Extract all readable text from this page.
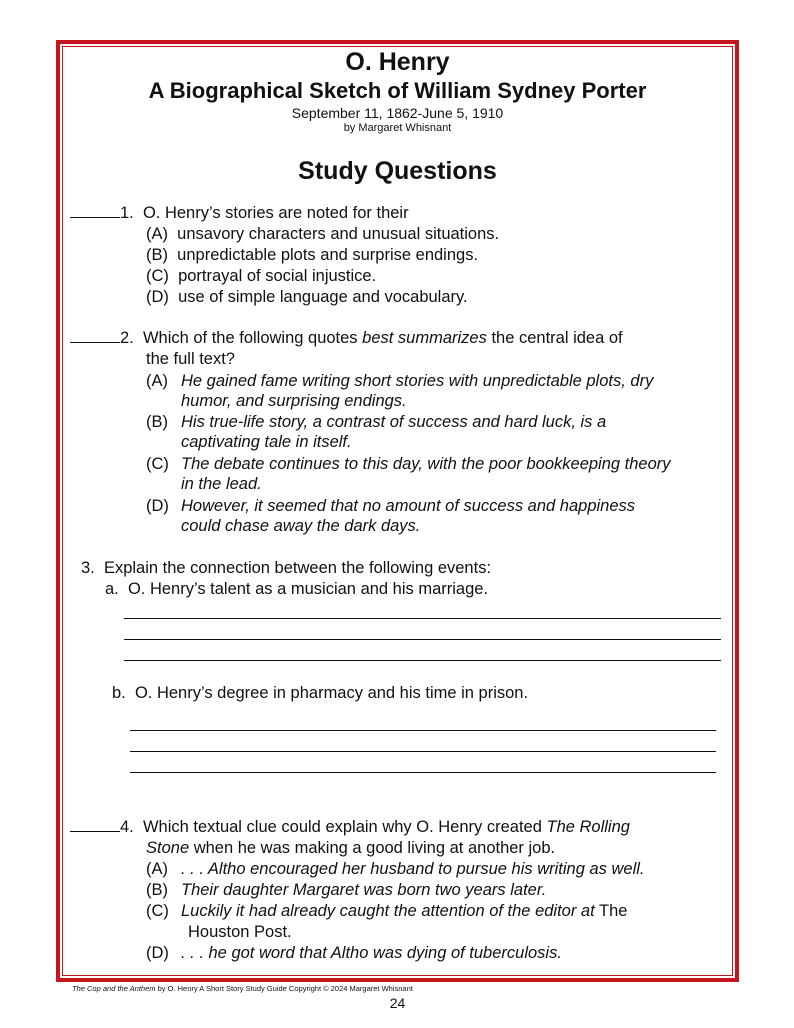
O. Henry
A Biographical Sketch of William Sydney Porter
September 11, 1862-June 5, 1910
by Margaret Whisnant
Study Questions
1. O. Henry’s stories are noted for their
(A) unsavory characters and unusual situations.
(B) unpredictable plots and surprise endings.
(C) portrayal of social injustice.
(D) use of simple language and vocabulary.
2. Which of the following quotes best summarizes the central idea of
the full text?
(A) He gained fame writing short stories with unpredictable plots, dry
humor, and surprising endings.
(B) His true-life story, a contrast of success and hard luck, is a
captivating tale in itself.
(C) The debate continues to this day, with the poor bookkeeping theory
in the lead.
(D) However, it seemed that no amount of success and happiness
could chase away the dark days.
3. Explain the connection between the following events:
a. O. Henry’s talent as a musician and his marriage.
b. O. Henry’s degree in pharmacy and his time in prison.
4. Which textual clue could explain why O. Henry created The Rolling
Stone when he was making a good living at another job.
(A) . . . Altho encouraged her husband to pursue his writing as well.
(B) Their daughter Margaret was born two years later.
(C) Luckily it had already caught the attention of the editor at The
Houston Post.
(D) . . . he got word that Altho was dying of tuberculosis.
The Cop and the Anthem by O. Henry A Short Story Study Guide Copyright © 2024 Margaret Whisnant
24
